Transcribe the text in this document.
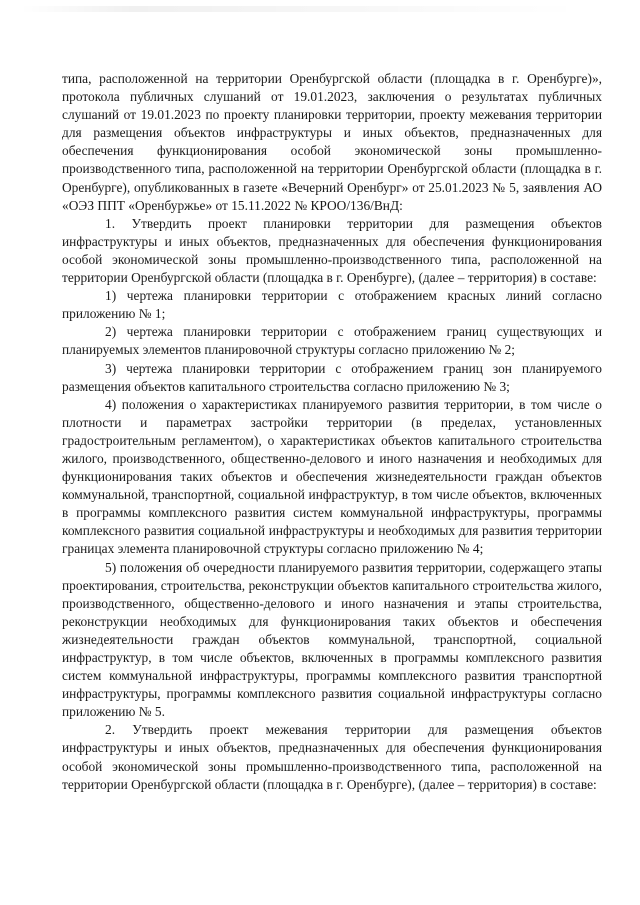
типа, расположенной на территории Оренбургской области (площадка в г. Оренбурге)», протокола публичных слушаний от 19.01.2023, заключения о результатах публичных слушаний от 19.01.2023 по проекту планировки территории, проекту межевания территории для размещения объектов инфраструктуры и иных объектов, предназначенных для обеспечения функционирования особой экономической зоны промышленно-производственного типа, расположенной на территории Оренбургской области (площадка в г. Оренбурге), опубликованных в газете «Вечерний Оренбург» от 25.01.2023 № 5, заявления АО «ОЭЗ ППТ «Оренбуржье» от 15.11.2022 № КРОО/136/ВнД:

1. Утвердить проект планировки территории для размещения объектов инфраструктуры и иных объектов, предназначенных для обеспечения функционирования особой экономической зоны промышленно-производственного типа, расположенной на территории Оренбургской области (площадка в г. Оренбурге), (далее – территория) в составе:

1) чертежа планировки территории с отображением красных линий согласно приложению № 1;

2) чертежа планировки территории с отображением границ существующих и планируемых элементов планировочной структуры согласно приложению № 2;

3) чертежа планировки территории с отображением границ зон планируемого размещения объектов капитального строительства согласно приложению № 3;

4) положения о характеристиках планируемого развития территории, в том числе о плотности и параметрах застройки территории (в пределах, установленных градостроительным регламентом), о характеристиках объектов капитального строительства жилого, производственного, общественно-делового и иного назначения и необходимых для функционирования таких объектов и обеспечения жизнедеятельности граждан объектов коммунальной, транспортной, социальной инфраструктур, в том числе объектов, включенных в программы комплексного развития систем коммунальной инфраструктуры, программы комплексного развития социальной инфраструктуры и необходимых для развития территории границах элемента планировочной структуры согласно приложению № 4;

5) положения об очередности планируемого развития территории, содержащего этапы проектирования, строительства, реконструкции объектов капитального строительства жилого, производственного, общественно-делового и иного назначения и этапы строительства, реконструкции необходимых для функционирования таких объектов и обеспечения жизнедеятельности граждан объектов коммунальной, транспортной, социальной инфраструктур, в том числе объектов, включенных в программы комплексного развития систем коммунальной инфраструктуры, программы комплексного развития транспортной инфраструктуры, программы комплексного развития социальной инфраструктуры согласно приложению № 5.

2. Утвердить проект межевания территории для размещения объектов инфраструктуры и иных объектов, предназначенных для обеспечения функционирования особой экономической зоны промышленно-производственного типа, расположенной на территории Оренбургской области (площадка в г. Оренбурге), (далее – территория) в составе:
